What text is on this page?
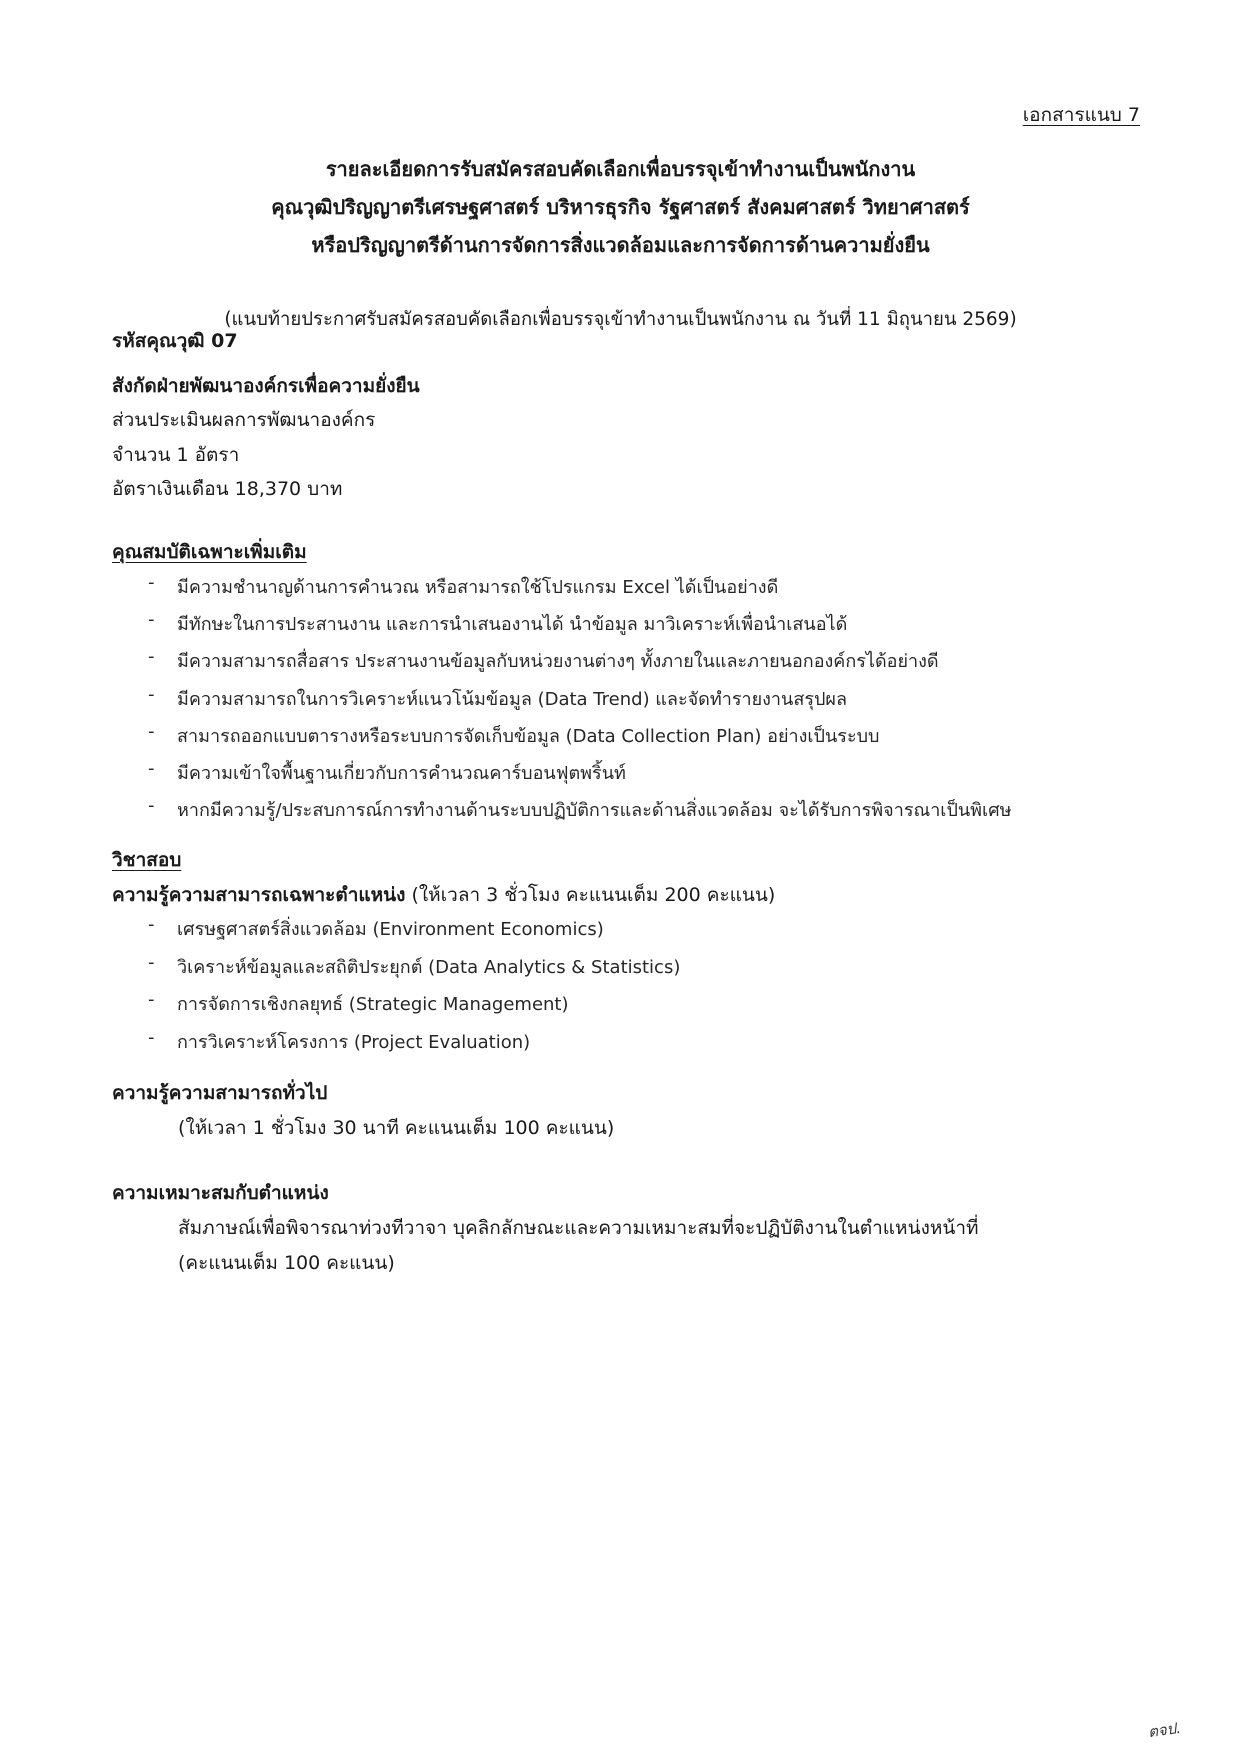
เอกสารแนบ 7
รายละเอียดการรับสมัครสอบคัดเลือกเพื่อบรรจุเข้าทำงานเป็นพนักงาน
คุณวุฒิปริญญาตรีเศรษฐศาสตร์ บริหารธุรกิจ รัฐศาสตร์ สังคมศาสตร์ วิทยาศาสตร์
หรือปริญญาตรีด้านการจัดการสิ่งแวดล้อมและการจัดการด้านความยั่งยืน
(แนบท้ายประกาศรับสมัครสอบคัดเลือกเพื่อบรรจุเข้าทำงานเป็นพนักงาน ณ วันที่ 11 มิถุนายน 2569)
รหัสคุณวุฒิ 07
สังกัดฝ่ายพัฒนาองค์กรเพื่อความยั่งยืน
ส่วนประเมินผลการพัฒนาองค์กร
จำนวน 1 อัตรา
อัตราเงินเดือน 18,370 บาท
คุณสมบัติเฉพาะเพิ่มเติม
- มีความชำนาญด้านการคำนวณ หรือสามารถใช้โปรแกรม Excel ได้เป็นอย่างดี
- มีทักษะในการประสานงาน และการนำเสนองานได้ นำข้อมูล มาวิเคราะห์เพื่อนำเสนอได้
- มีความสามารถสื่อสาร ประสานงานข้อมูลกับหน่วยงานต่างๆ ทั้งภายในและภายนอกองค์กรได้อย่างดี
- มีความสามารถในการวิเคราะห์แนวโน้มข้อมูล (Data Trend) และจัดทำรายงานสรุปผล
- สามารถออกแบบตารางหรือระบบการจัดเก็บข้อมูล (Data Collection Plan) อย่างเป็นระบบ
- มีความเข้าใจพื้นฐานเกี่ยวกับการคำนวณคาร์บอนฟุตพริ้นท์
- หากมีความรู้/ประสบการณ์การทำงานด้านระบบปฏิบัติการและด้านสิ่งแวดล้อม จะได้รับการพิจารณาเป็นพิเศษ
วิชาสอบ
ความรู้ความสามารถเฉพาะตำแหน่ง (ให้เวลา 3 ชั่วโมง คะแนนเต็ม 200 คะแนน)
- เศรษฐศาสตร์สิ่งแวดล้อม (Environment Economics)
- วิเคราะห์ข้อมูลและสถิติประยุกต์ (Data Analytics & Statistics)
- การจัดการเชิงกลยุทธ์ (Strategic Management)
- การวิเคราะห์โครงการ (Project Evaluation)
ความรู้ความสามารถทั่วไป
(ให้เวลา 1 ชั่วโมง 30 นาที คะแนนเต็ม 100 คะแนน)
ความเหมาะสมกับตำแหน่ง
สัมภาษณ์เพื่อพิจารณาท่วงทีวาจา บุคลิกลักษณะและความเหมาะสมที่จะปฏิบัติงานในตำแหน่งหน้าที่
(คะแนนเต็ม 100 คะแนน)
ตจป.
